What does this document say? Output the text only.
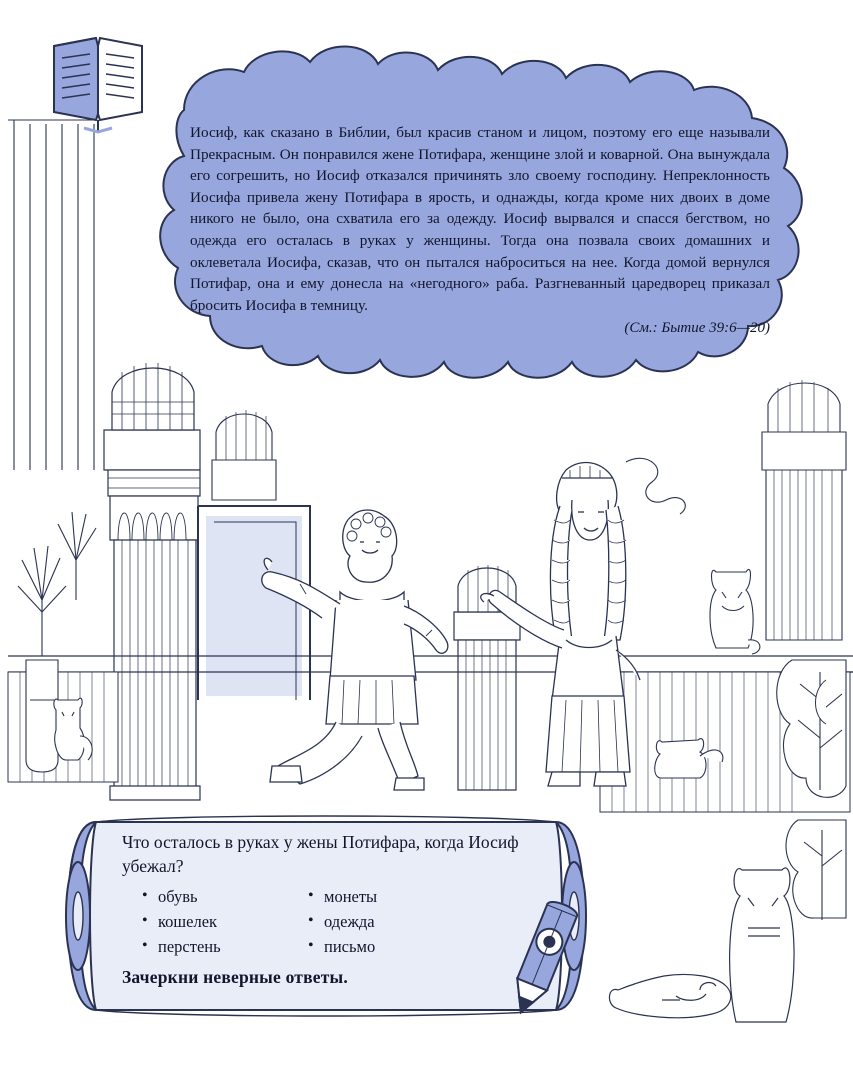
Иосиф, как сказано в Библии, был красив станом и лицом, поэтому его еще называли Прекрасным. Он понравился жене Потифара, женщине злой и коварной. Она вынуждала его согрешить, но Иосиф отказался причинять зло своему господину. Непреклонность Иосифа привела жену Потифара в ярость, и однажды, когда кроме них двоих в доме никого не было, она схватила его за одежду. Иосиф вырвался и спасся бегством, но одежда его осталась в руках у женщины. Тогда она позвала своих домашних и оклеветала Иосифа, сказав, что он пытался наброситься на нее. Когда домой вернулся Потифар, она и ему донесла на «негодного» раба. Разгневанный царедворец приказал бросить Иосифа в темницу.
(См.: Бытие 39:6—20)

Что осталось в руках у жены Потифара, когда Иосиф убежал?

• обувь
• кошелек
• перстень
• монеты
• одежда
• письмо
Зачеркни неверные ответы.
